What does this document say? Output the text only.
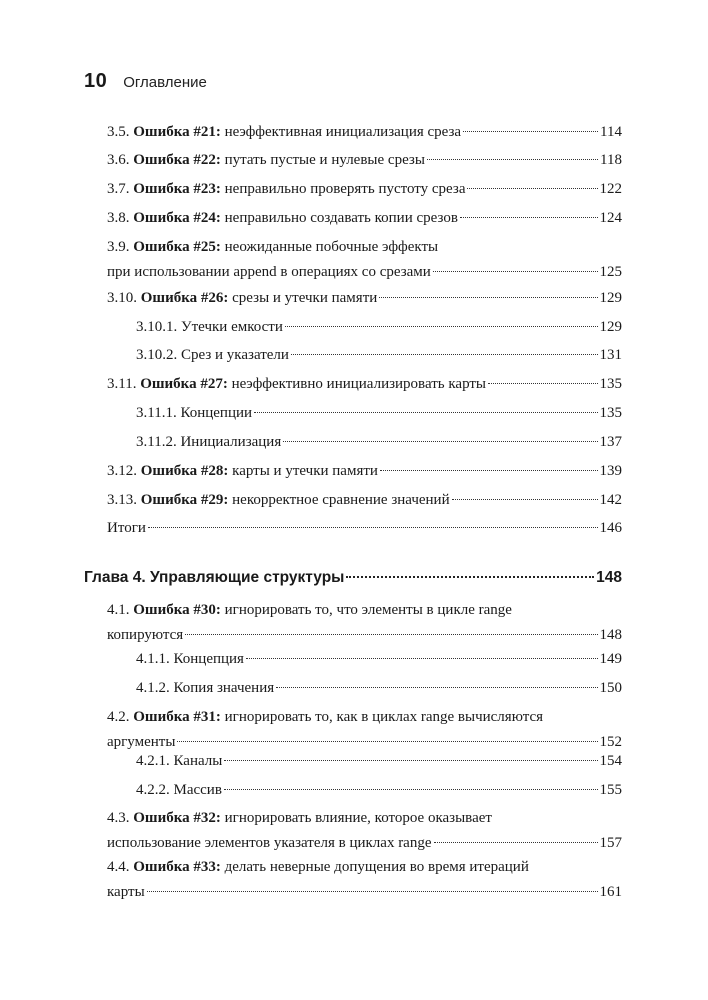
10 Оглавление
3.5. Ошибка #21: неэффективная инициализация среза	114
3.6. Ошибка #22: путать пустые и нулевые срезы	118
3.7. Ошибка #23: неправильно проверять пустоту среза	122
3.8. Ошибка #24: неправильно создавать копии срезов	124
3.9. Ошибка #25: неожиданные побочные эффекты
при использовании append в операциях со срезами	125
3.10. Ошибка #26: срезы и утечки памяти	129
3.10.1. Утечки емкости	129
3.10.2. Срез и указатели	131
3.11. Ошибка #27: неэффективно инициализировать карты	135
3.11.1. Концепции	135
3.11.2. Инициализация	137
3.12. Ошибка #28: карты и утечки памяти	139
3.13. Ошибка #29: некорректное сравнение значений	142
Итоги	146
Глава 4. Управляющие структуры	148
4.1. Ошибка #30: игнорировать то, что элементы в цикле range
копируются	148
4.1.1. Концепция	149
4.1.2. Копия значения	150
4.2. Ошибка #31: игнорировать то, как в циклах range вычисляются
аргументы	152
4.2.1. Каналы	154
4.2.2. Массив	155
4.3. Ошибка #32: игнорировать влияние, которое оказывает
использование элементов указателя в циклах range	157
4.4. Ошибка #33: делать неверные допущения во время итераций
карты	161
